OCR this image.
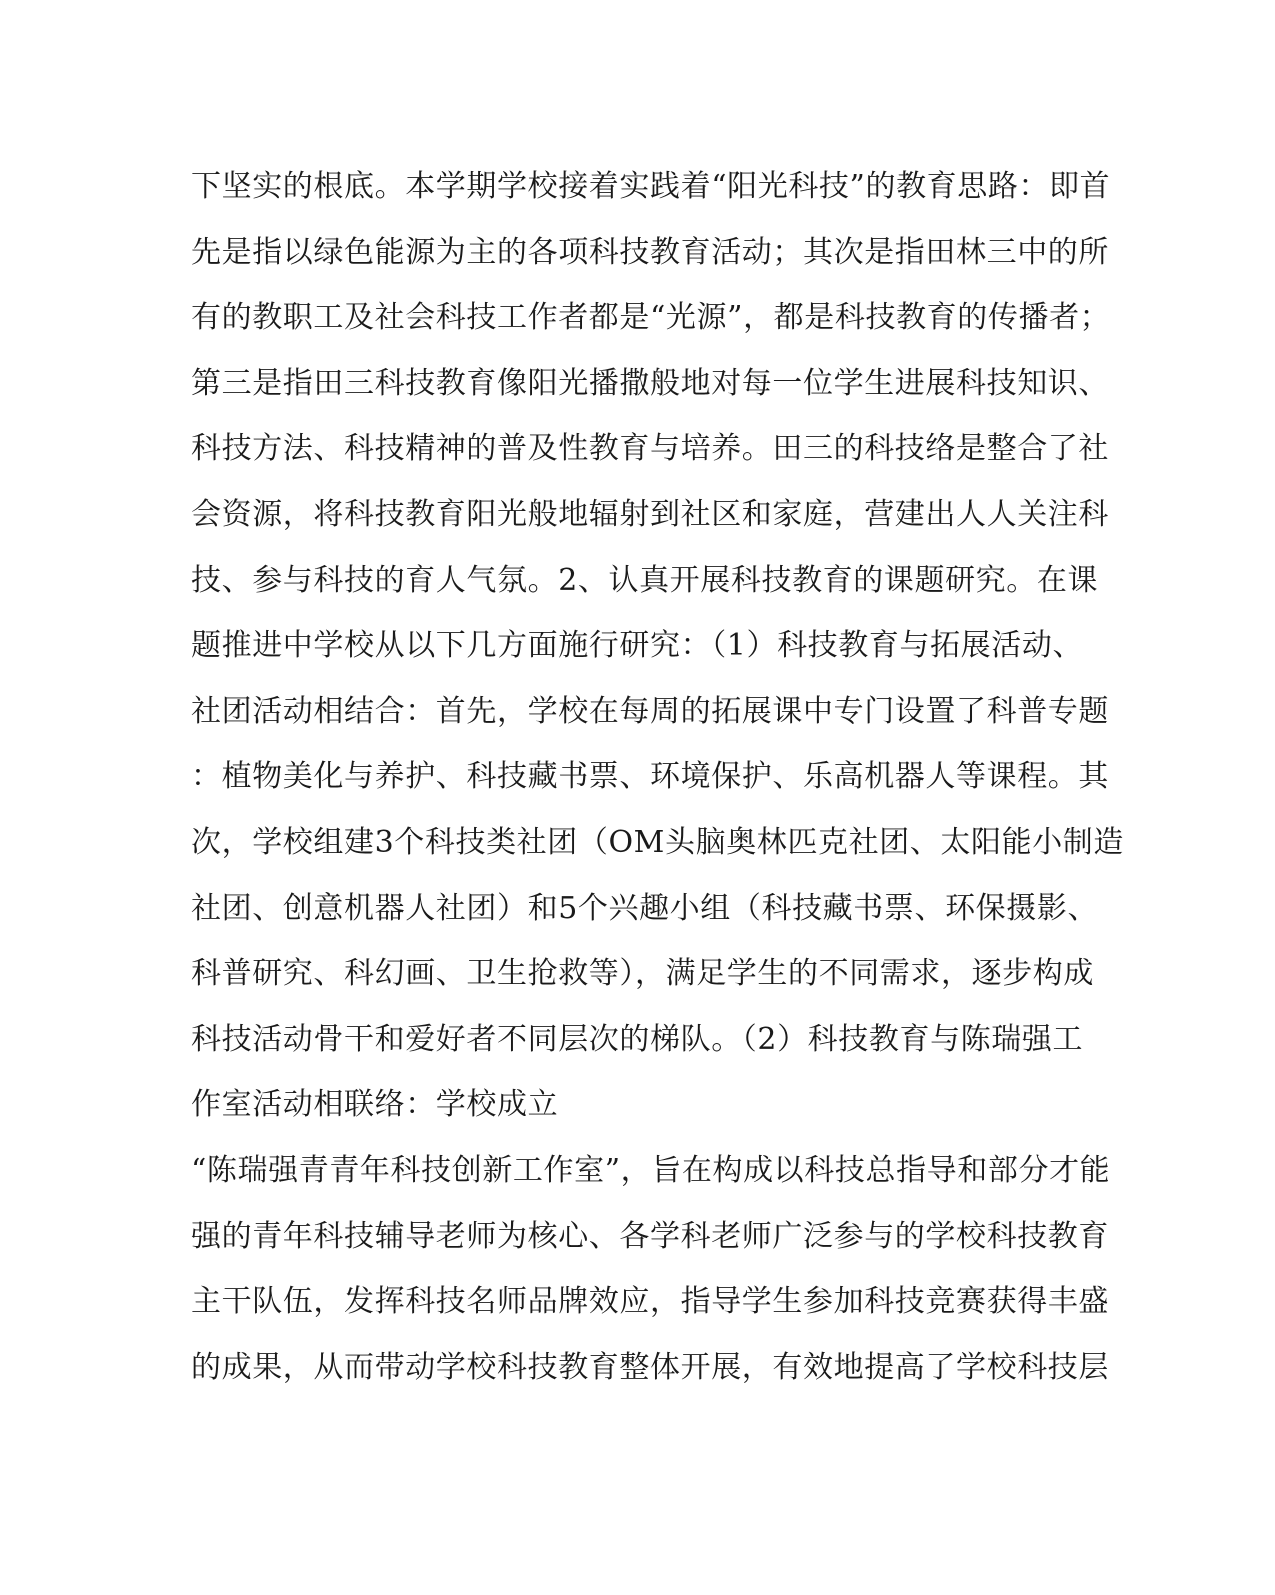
下坚实的根底。本学期学校接着实践着“阳光科技”的教育思路：即首
先是指以绿色能源为主的各项科技教育活动；其次是指田林三中的所
有的教职工及社会科技工作者都是“光源”，都是科技教育的传播者；
第三是指田三科技教育像阳光播撒般地对每一位学生进展科技知识、
科技方法、科技精神的普及性教育与培养。田三的科技络是整合了社
会资源，将科技教育阳光般地辐射到社区和家庭，营建出人人关注科
技、参与科技的育人气氛。2、认真开展科技教育的课题研究。在课
题推进中学校从以下几方面施行研究：（1）科技教育与拓展活动、
社团活动相结合：首先，学校在每周的拓展课中专门设置了科普专题
：植物美化与养护、科技藏书票、环境保护、乐高机器人等课程。其
次，学校组建3个科技类社团（OM头脑奥林匹克社团、太阳能小制造
社团、创意机器人社团）和5个兴趣小组（科技藏书票、环保摄影、
科普研究、科幻画、卫生抢救等），满足学生的不同需求，逐步构成
科技活动骨干和爱好者不同层次的梯队。（2）科技教育与陈瑞强工
作室活动相联络：学校成立
“陈瑞强青青年科技创新工作室”，旨在构成以科技总指导和部分才能
强的青年科技辅导老师为核心、各学科老师广泛参与的学校科技教育
主干队伍，发挥科技名师品牌效应，指导学生参加科技竞赛获得丰盛
的成果，从而带动学校科技教育整体开展，有效地提高了学校科技层
